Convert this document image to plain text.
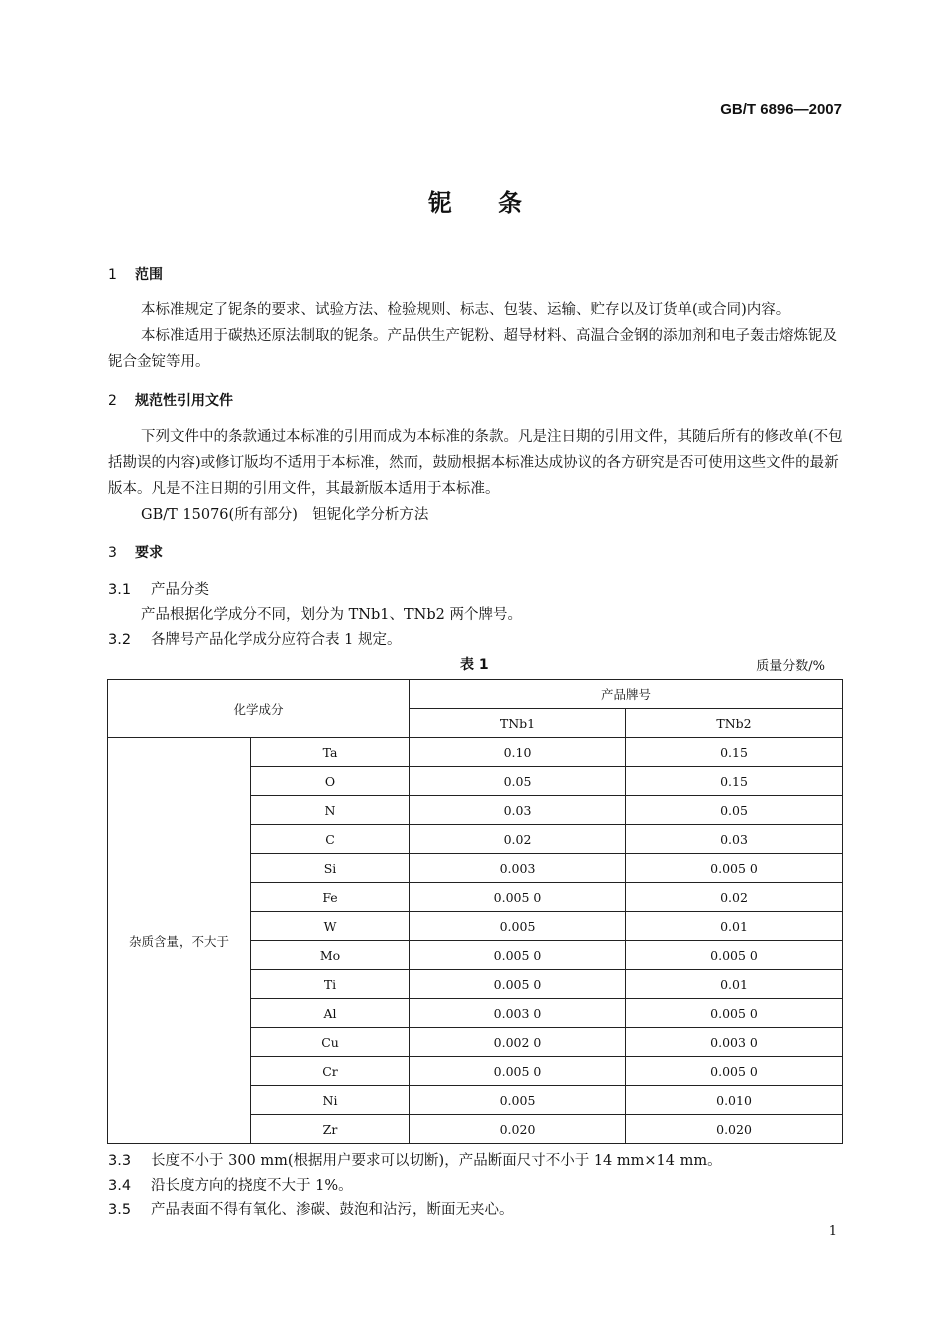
GB/T 6896—2007
铌条
1 范围
本标准规定了铌条的要求、试验方法、检验规则、标志、包装、运输、贮存以及订货单(或合同)内容。
本标准适用于碳热还原法制取的铌条。产品供生产铌粉、超导材料、高温合金钢的添加剂和电子轰击熔炼铌及铌合金锭等用。
2 规范性引用文件
下列文件中的条款通过本标准的引用而成为本标准的条款。凡是注日期的引用文件，其随后所有的修改单(不包括勘误的内容)或修订版均不适用于本标准，然而，鼓励根据本标准达成协议的各方研究是否可使用这些文件的最新版本。凡是不注日期的引用文件，其最新版本适用于本标准。
GB/T 15076(所有部分)　钽铌化学分析方法
3 要求
3.1 产品分类
产品根据化学成分不同，划分为 TNb1、TNb2 两个牌号。
3.2 各牌号产品化学成分应符合表 1 规定。
表 1	质量分数/%
化学成分		产品牌号	
		TNb1	TNb2
杂质含量，不大于	Ta	0.10	0.15
	O	0.05	0.15
	N	0.03	0.05
	C	0.02	0.03
	Si	0.003	0.005 0
	Fe	0.005 0	0.02
	W	0.005	0.01
	Mo	0.005 0	0.005 0
	Ti	0.005 0	0.01
	Al	0.003 0	0.005 0
	Cu	0.002 0	0.003 0
	Cr	0.005 0	0.005 0
	Ni	0.005	0.010
	Zr	0.020	0.020
3.3 长度不小于 300 mm(根据用户要求可以切断)，产品断面尺寸不小于 14 mm×14 mm。
3.4 沿长度方向的挠度不大于 1%。
3.5 产品表面不得有氧化、渗碳、鼓泡和沾污，断面无夹心。
1
